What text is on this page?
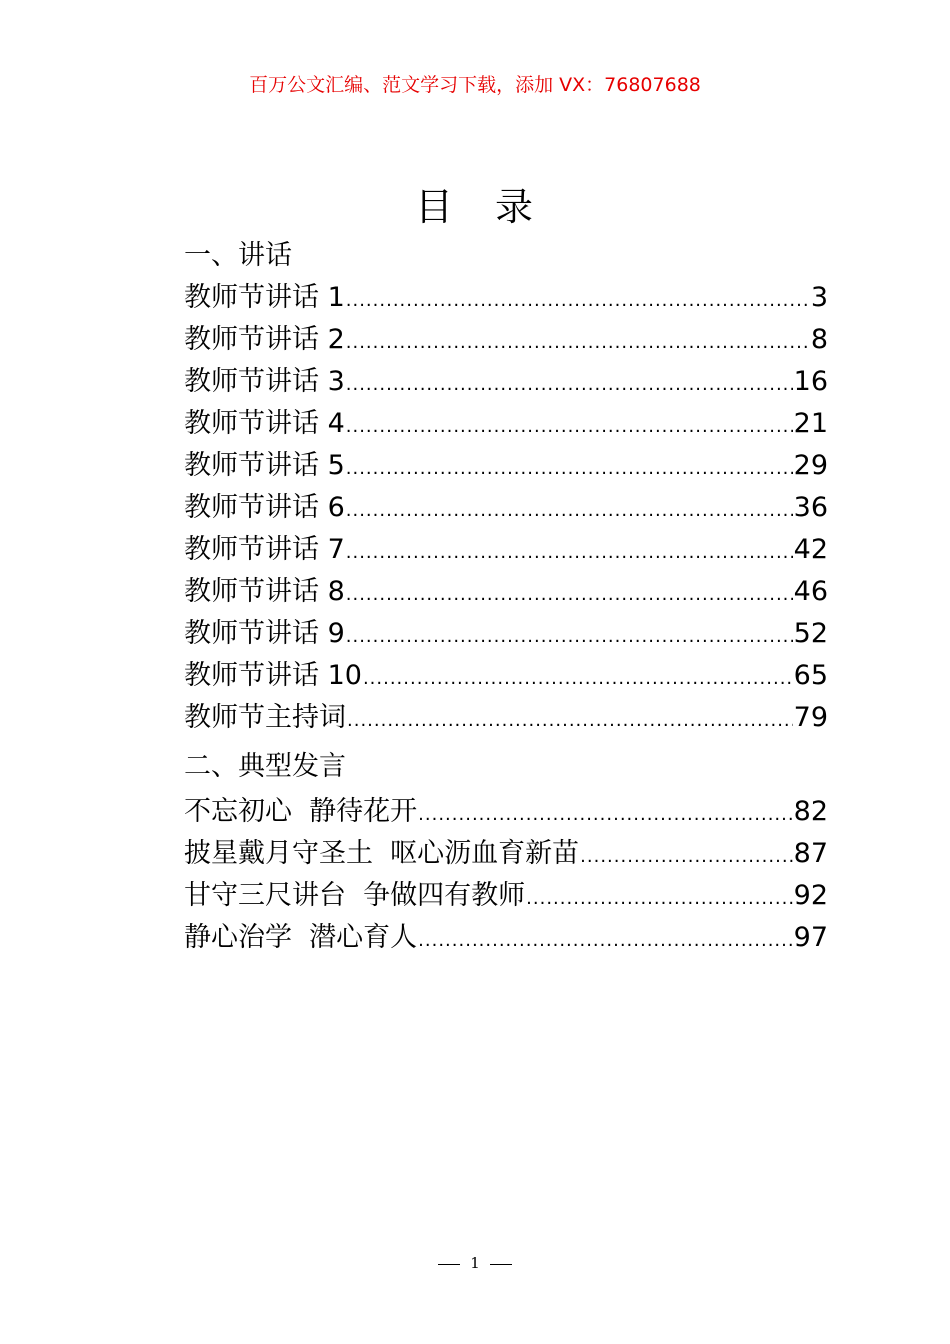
百万公文汇编、范文学习下载，添加 VX：76807688
目　录
一、讲话
教师节讲话 1 .....	3
教师节讲话 2 .....	8
教师节讲话 3 .....	16
教师节讲话 4 .....	21
教师节讲话 5 .....	29
教师节讲话 6 .....	36
教师节讲话 7 .....	42
教师节讲话 8 .....	46
教师节讲话 9 .....	52
教师节讲话 10 .....	65
教师节主持词 .....	79
二、典型发言
不忘初心  静待花开 .....	82
披星戴月守圣土  呕心沥血育新苗 .....	87
甘守三尺讲台  争做四有教师 .....	92
静心治学  潜心育人 .....	97
1
